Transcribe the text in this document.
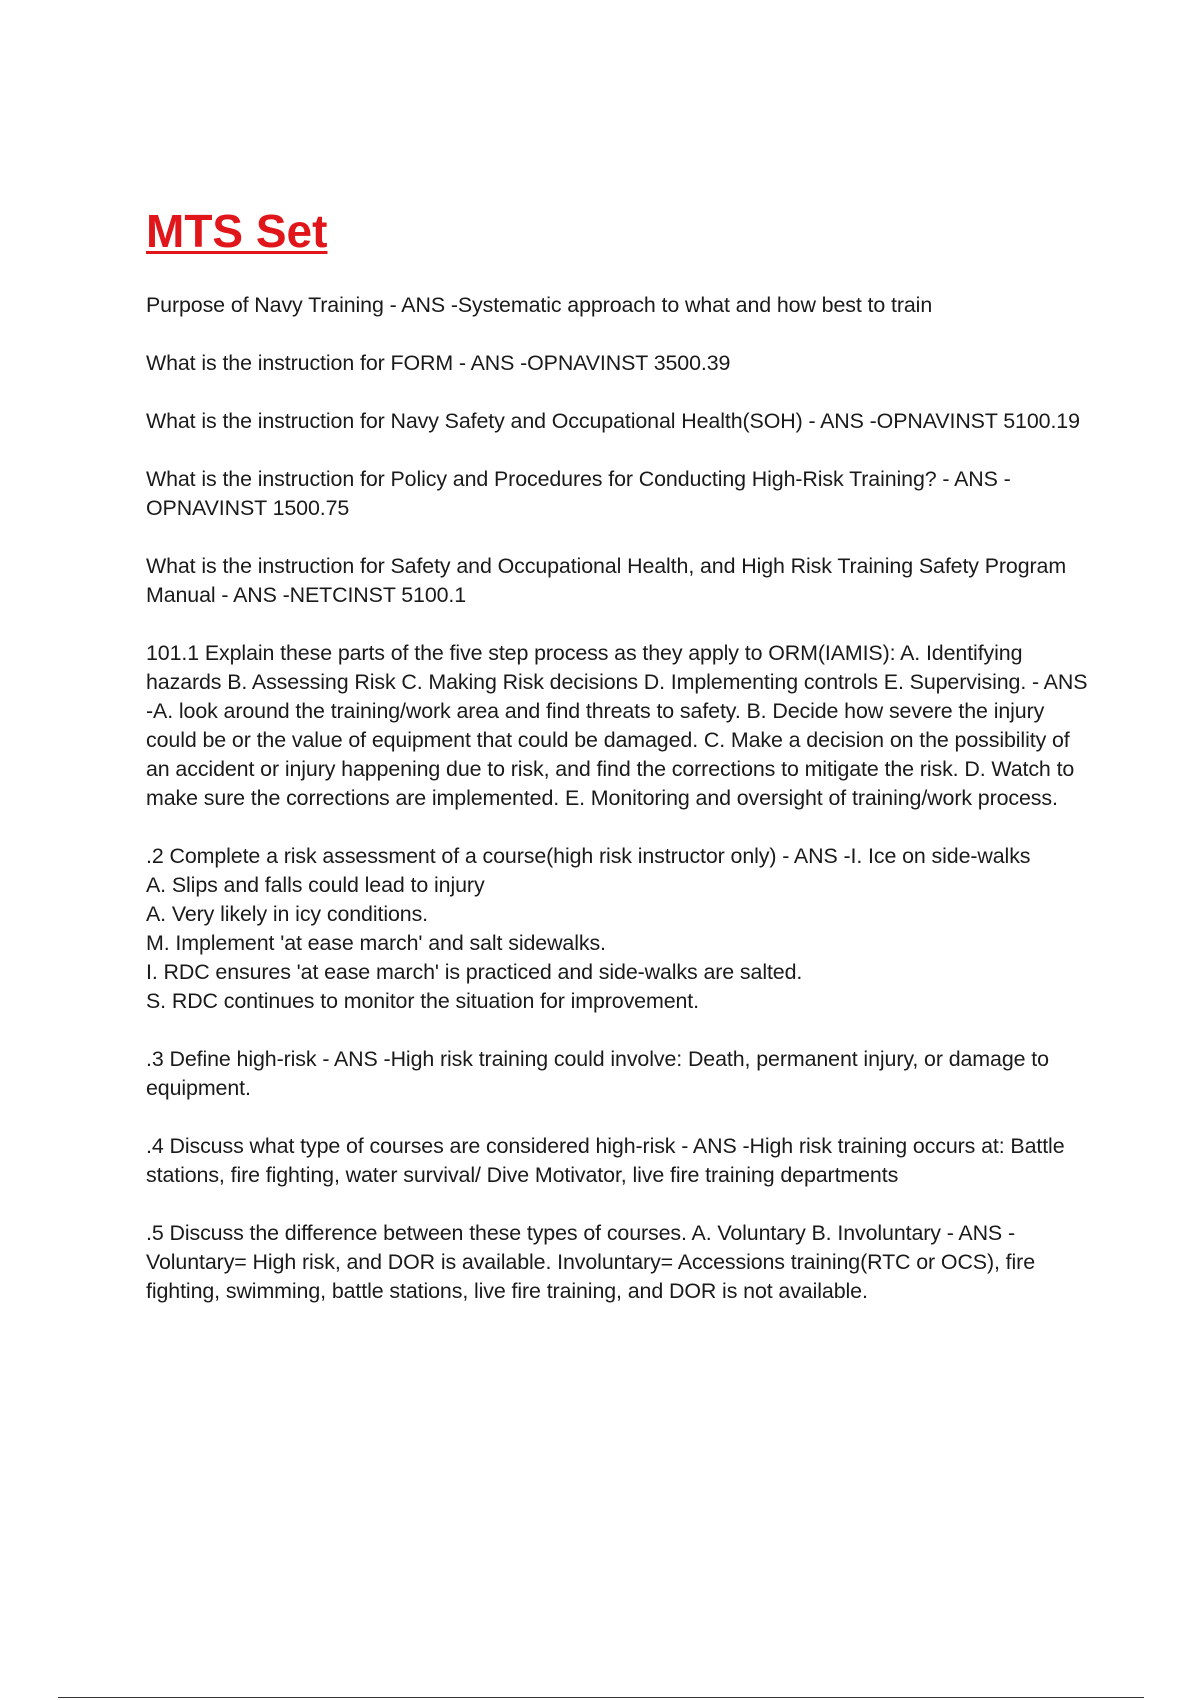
MTS Set

Purpose of Navy Training - ANS -Systematic approach to what and how best to train

What is the instruction for FORM - ANS -OPNAVINST 3500.39

What is the instruction for Navy Safety and Occupational Health(SOH) - ANS -OPNAVINST 5100.19

What is the instruction for Policy and Procedures for Conducting High-Risk Training? - ANS -OPNAVINST 1500.75

What is the instruction for Safety and Occupational Health, and High Risk Training Safety Program Manual - ANS -NETCINST 5100.1

101.1 Explain these parts of the five step process as they apply to ORM(IAMIS): A. Identifying hazards B. Assessing Risk C. Making Risk decisions D. Implementing controls E. Supervising. - ANS -A. look around the training/work area and find threats to safety. B. Decide how severe the injury could be or the value of equipment that could be damaged. C. Make a decision on the possibility of an accident or injury happening due to risk, and find the corrections to mitigate the risk. D. Watch to make sure the corrections are implemented. E. Monitoring and oversight of training/work process.

.2 Complete a risk assessment of a course(high risk instructor only) - ANS -I. Ice on side-walks
A. Slips and falls could lead to injury
A. Very likely in icy conditions.
M. Implement 'at ease march' and salt sidewalks.
I. RDC ensures 'at ease march' is practiced and side-walks are salted.
S. RDC continues to monitor the situation for improvement.

.3 Define high-risk - ANS -High risk training could involve: Death, permanent injury, or damage to equipment.

.4 Discuss what type of courses are considered high-risk - ANS -High risk training occurs at: Battle stations, fire fighting, water survival/ Dive Motivator, live fire training departments

.5 Discuss the difference between these types of courses. A. Voluntary B. Involuntary - ANS -Voluntary= High risk, and DOR is available. Involuntary= Accessions training(RTC or OCS), fire fighting, swimming, battle stations, live fire training, and DOR is not available.
